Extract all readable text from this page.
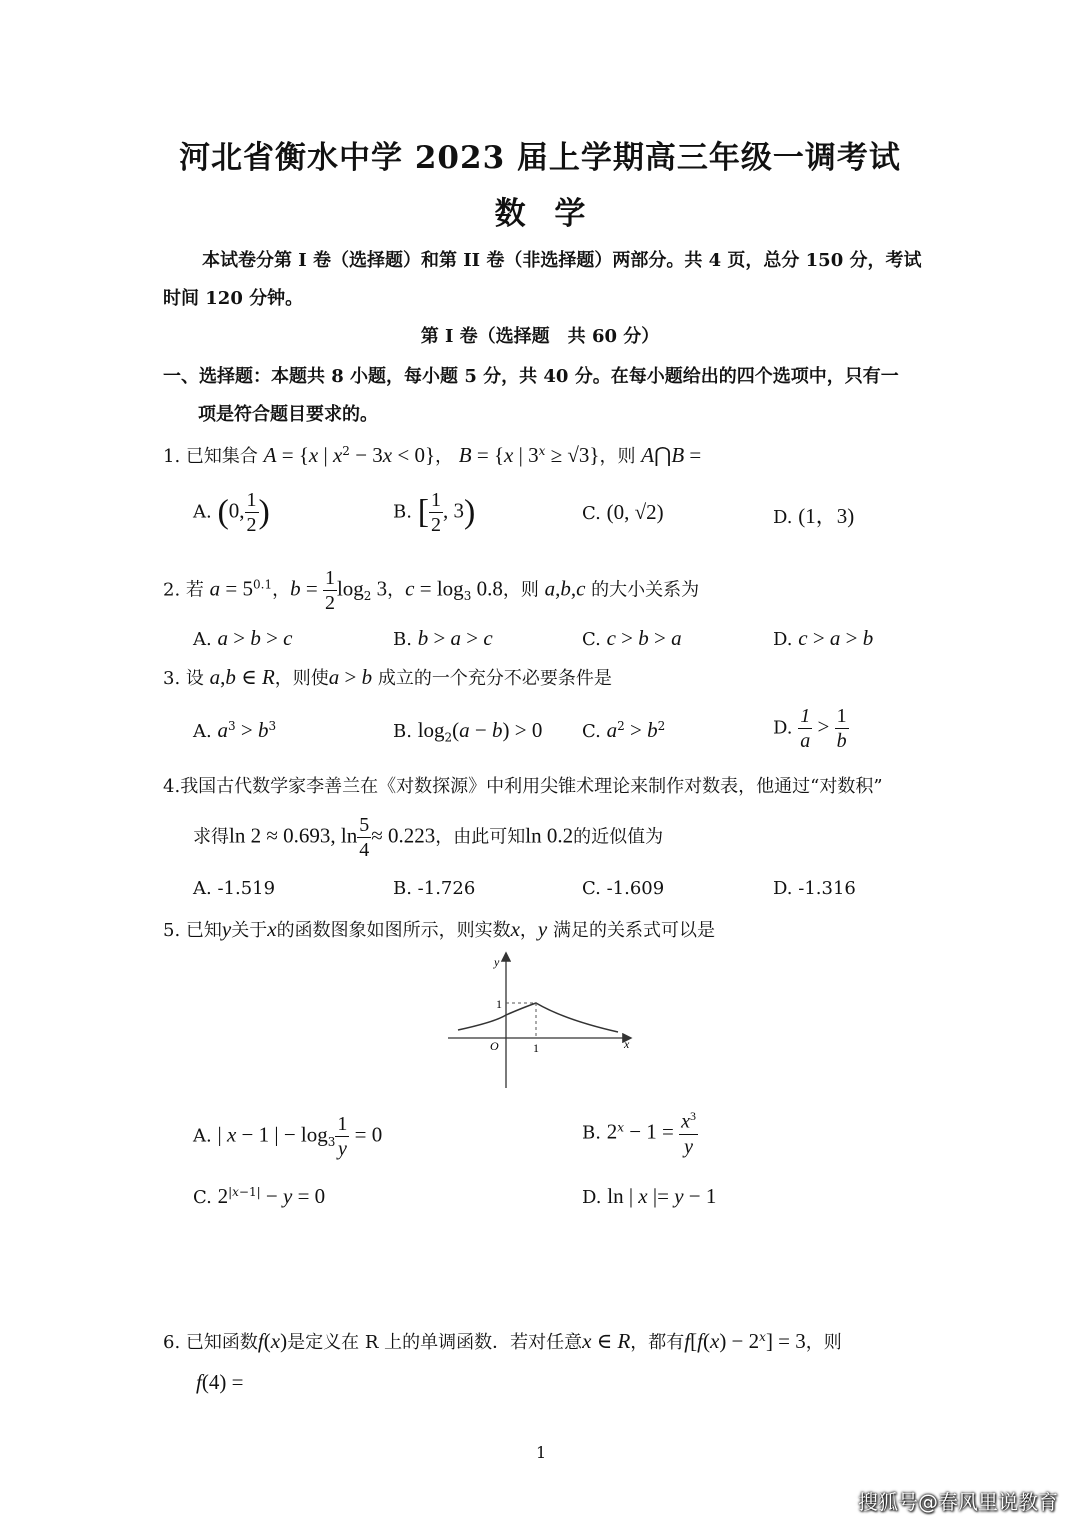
河北省衡水中学 2023 届上学期高三年级一调考试
数 学
本试卷分第 I 卷（选择题）和第 II 卷（非选择题）两部分。共 4 页，总分 150 分，考试
时间 120 分钟。
第 I 卷（选择题　共 60 分）
一、选择题：本题共 8 小题，每小题 5 分，共 40 分。在每小题给出的四个选项中，只有一
项是符合题目要求的。
1. 已知集合 A = {x | $x^2 - 3x < 0$}， B = {x | $3^x \ge √3$}，则 A⋂B =
A. (0, $\frac{1}{2}$ )	B. [ $\frac{1}{2}$ , 3)	C. (0, √2)	D. (1，3)
2. 若 $a = 5^{0.1}$，$b = \frac{1}{2} \log_2 3$，$c = \log_3 0.8$，则 a,b,c 的大小关系为
A. a > b > c	B. b > a > c	C. c > b > a	D. c > a > b
3. 设 a,b ∈ R，则使a > b 成立的一个充分不必要条件是
A. $a^3 > b^3$	B. $\log_2(a - b) > 0$ C. $a^2 > b^2$	D. $\frac{1}{a} > \frac{1}{b}$
4.我国古代数学家李善兰在《对数探源》中利用尖锥术理论来制作对数表，他通过“对数积”
求得ln 2 ≈ 0.693, $\ln \frac{5}{4} \approx 0.223$，由此可知ln 0.2的近似值为
A. -1.519	B. -1.726	C. -1.609	D. -1.316
5. 已知y关于x的函数图象如图所示，则实数x，y 满足的关系式可以是
y
x
O	1
1
A. | x − 1 | − $\log_3 \frac{1}{y} = 0$	B. $2^x - 1 = \frac{x^3}{y}$
C. $2^{|x-1|} - y = 0$	D. ln | x |= y − 1
6. 已知函数f(x)是定义在 R 上的单调函数．若对任意x ∈ R，都有$f[f(x) - 2^x] = 3$，则
f(4) =
1
搜狐号@春风里说教育
